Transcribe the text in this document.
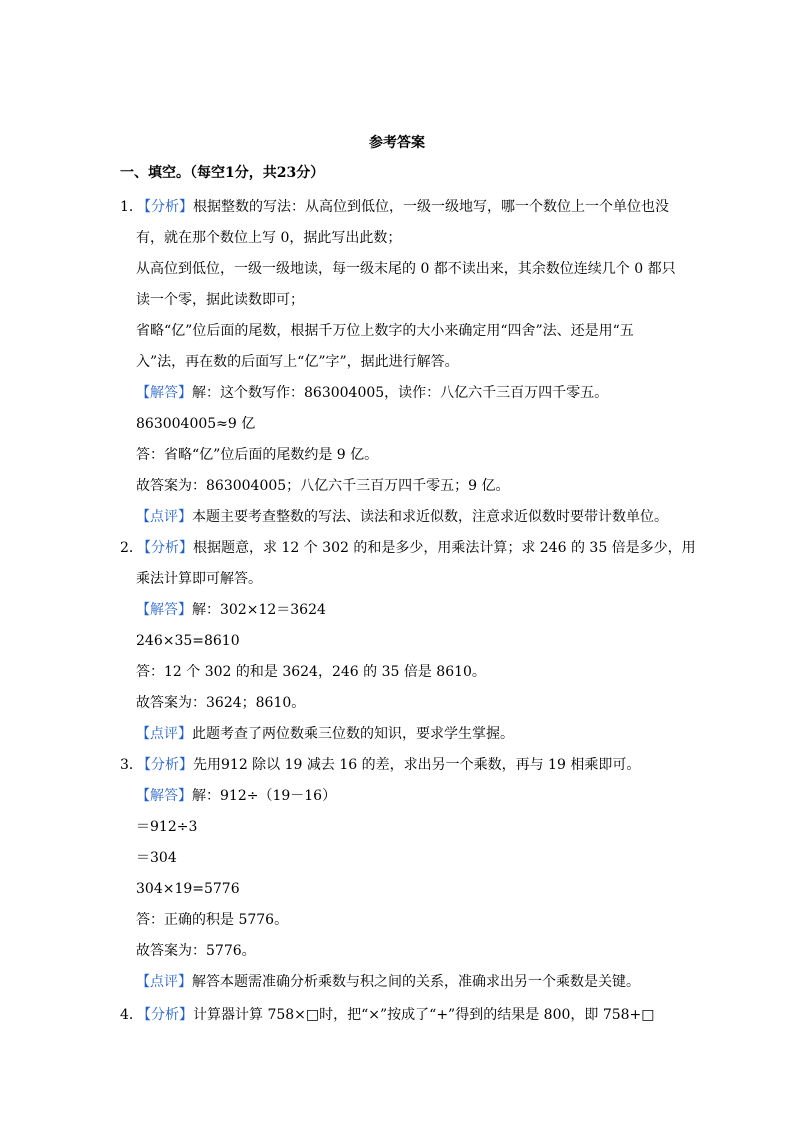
参考答案
一、填空。（每空1分，共23分）
1．【分析】根据整数的写法：从高位到低位，一级一级地写，哪一个数位上一个单位也没
有，就在那个数位上写 0，据此写出此数；
从高位到低位，一级一级地读，每一级末尾的 0 都不读出来，其余数位连续几个 0 都只
读一个零，据此读数即可；
省略“亿”位后面的尾数，根据千万位上数字的大小来确定用“四舍”法、还是用“五
入”法，再在数的后面写上“亿”字”，据此进行解答。
【解答】解：这个数写作：863004005，读作：八亿六千三百万四千零五。
863004005≈9 亿
答：省略“亿”位后面的尾数约是 9 亿。
故答案为：863004005；八亿六千三百万四千零五；9 亿。
【点评】本题主要考查整数的写法、读法和求近似数，注意求近似数时要带计数单位。
2．【分析】根据题意，求 12 个 302 的和是多少，用乘法计算；求 246 的 35 倍是多少，用
乘法计算即可解答。
【解答】解：302×12＝3624
246×35=8610
答：12 个 302 的和是 3624，246 的 35 倍是 8610。
故答案为：3624；8610。
【点评】此题考查了两位数乘三位数的知识，要求学生掌握。
3．【分析】先用912 除以 19 减去 16 的差，求出另一个乘数，再与 19 相乘即可。
【解答】解：912÷（19－16）
＝912÷3
＝304
304×19=5776
答：正确的积是 5776。
故答案为：5776。
【点评】解答本题需准确分析乘数与积之间的关系，准确求出另一个乘数是关键。
4．【分析】计算器计算 758×□时，把“×”按成了“+”得到的结果是 800，即 758+□
